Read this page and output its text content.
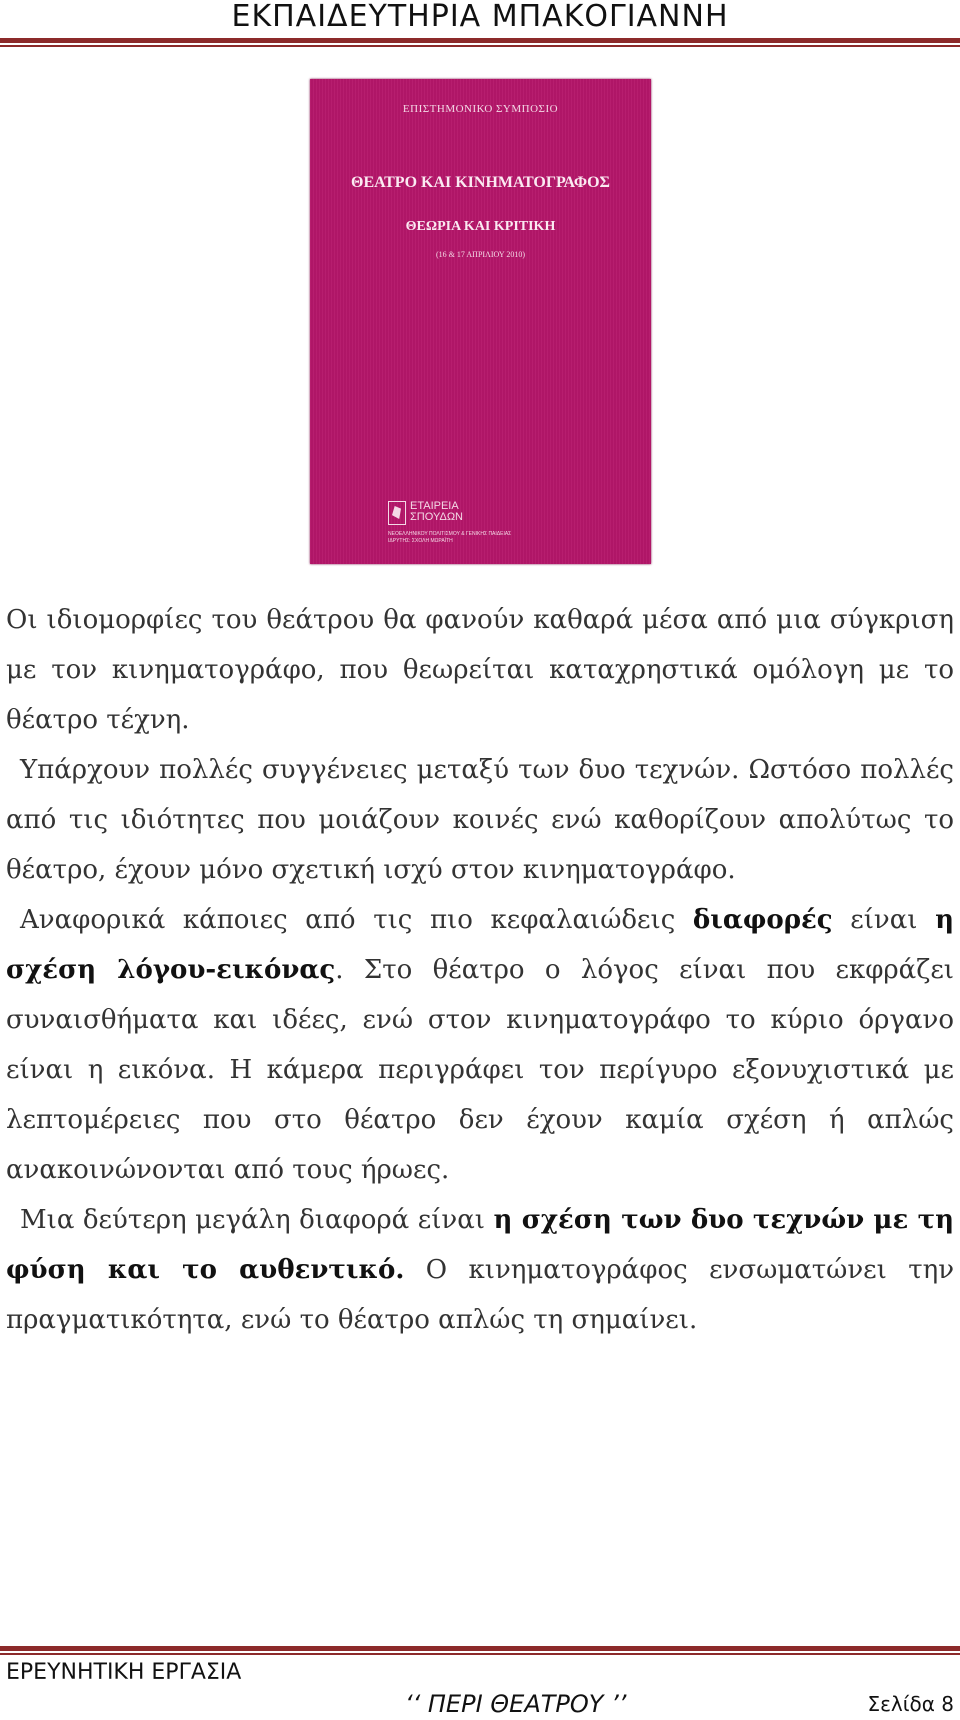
ΕΚΠΑΙΔΕΥΤΗΡΙΑ ΜΠΑΚΟΓΙΑΝΝΗ
ΕΠΙΣΤΗΜΟΝΙΚΟ ΣΥΜΠΟΣΙΟ
ΘΕΑΤΡΟ ΚΑΙ ΚΙΝΗΜΑΤΟΓΡΑΦΟΣ
ΘΕΩΡΙΑ ΚΑΙ ΚΡΙΤΙΚΗ
(16 & 17 ΑΠΡΙΛΙΟΥ 2010)
ΕΤΑΙΡΕΙΑ
ΣΠΟΥΔΩΝ
ΝΕΟΕΛΛΗΝΙΚΟΥ ΠΟΛΙΤΙΣΜΟΥ & ΓΕΝΙΚΗΣ ΠΑΙΔΕΙΑΣ
ΙΔΡΥΤΗΣ: ΣΧΟΛΗ ΜΩΡΑΪΤΗ

Οι ιδιομορφίες του θεάτρου θα φανούν καθαρά μέσα από μια σύγκριση με τον κινηματογράφο, που θεωρείται καταχρηστικά ομόλογη με το θέατρο τέχνη.

Υπάρχουν πολλές συγγένειες μεταξύ των δυο τεχνών. Ωστόσο πολλές από τις ιδιότητες που μοιάζουν κοινές ενώ καθορίζουν απολύτως το θέατρο, έχουν μόνο σχετική ισχύ στον κινηματογράφο.

Αναφορικά κάποιες από τις πιο κεφαλαιώδεις διαφορές είναι η σχέση λόγου-εικόνας. Στο θέατρο ο λόγος είναι που εκφράζει συναισθήματα και ιδέες, ενώ στον κινηματογράφο το κύριο όργανο είναι η εικόνα. Η κάμερα περιγράφει τον περίγυρο εξονυχιστικά με λεπτομέρειες που στο θέατρο δεν έχουν καμία σχέση ή απλώς ανακοινώνονται από τους ήρωες.

Μια δεύτερη μεγάλη διαφορά είναι η σχέση των δυο τεχνών με τη φύση και το αυθεντικό. Ο κινηματογράφος ενσωματώνει την πραγματικότητα, ενώ το θέατρο απλώς τη σημαίνει.

ΕΡΕΥΝΗΤΙΚΗ ΕΡΓΑΣΙΑ
‘‘ ΠΕΡΙ ΘΕΑΤΡΟΥ ’’	Σελίδα 8
